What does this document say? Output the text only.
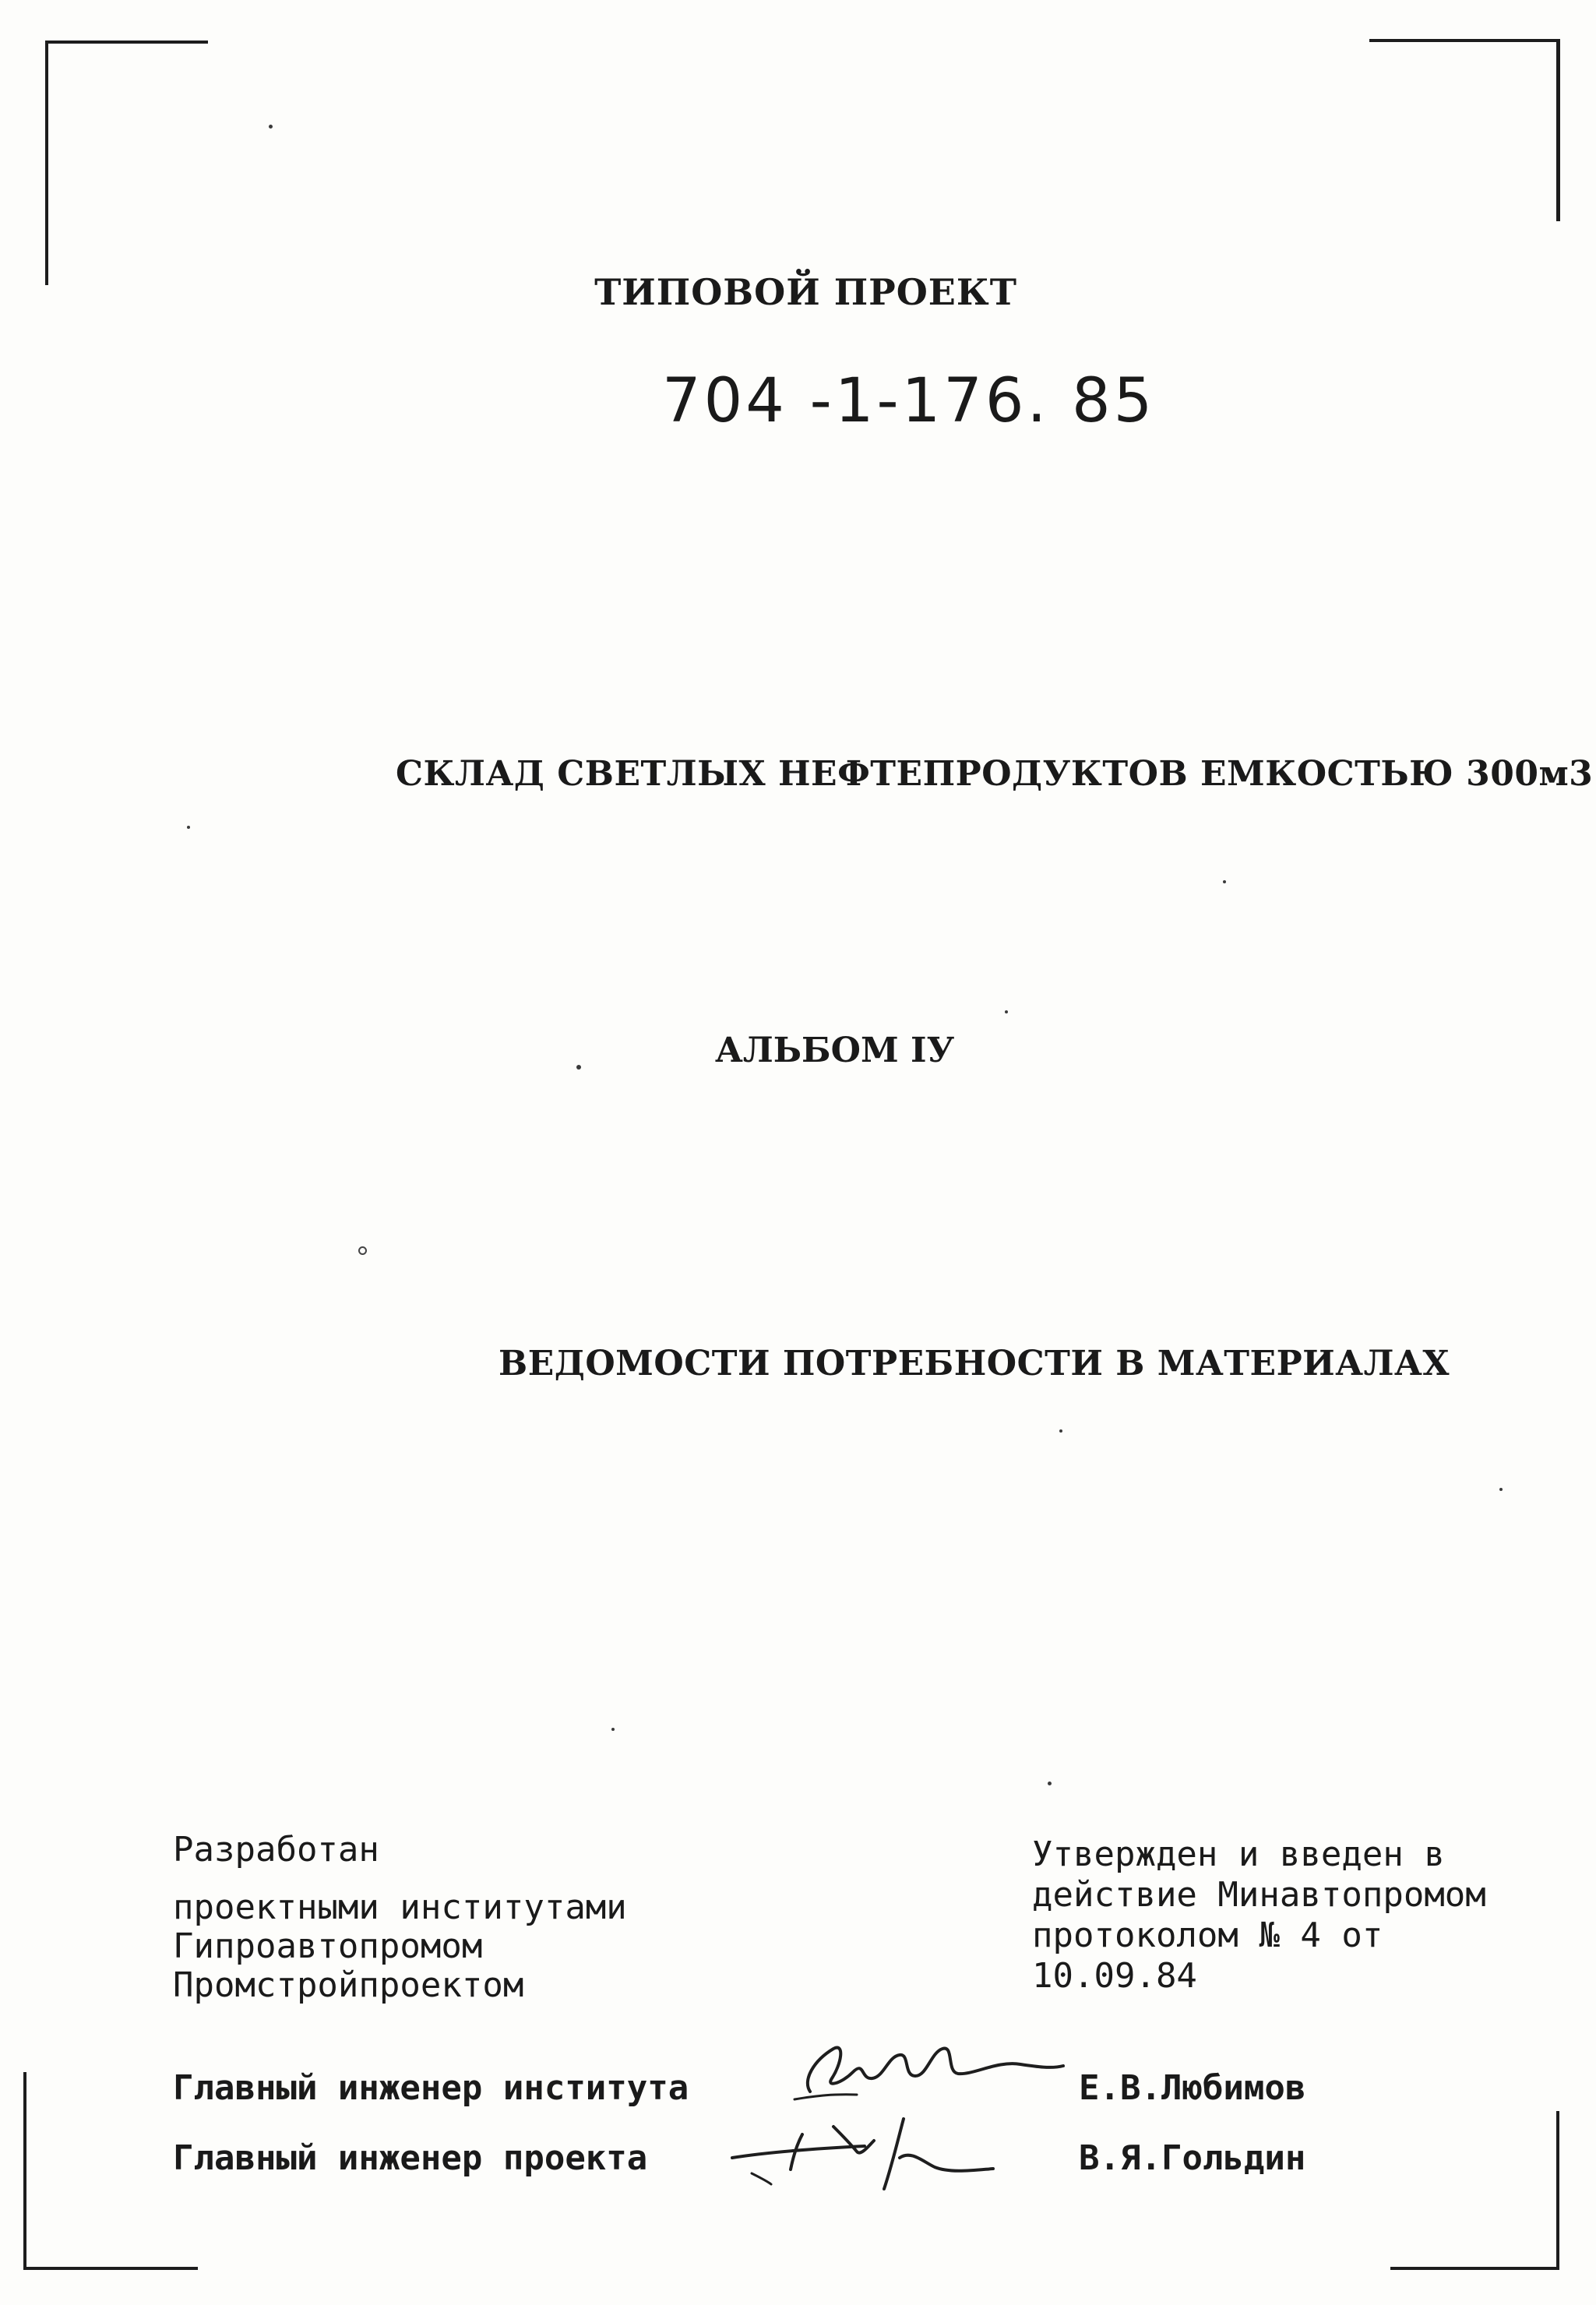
ТИПОВОЙ ПРОЕКТ
704 -1-176. 85
СКЛАД СВЕТЛЫХ НЕФТЕПРОДУКТОВ ЕМКОСТЬЮ 300м3
АЛЬБОМ IУ
ВЕДОМОСТИ ПОТРЕБНОСТИ В МАТЕРИАЛАХ
Разработан
проектными институтами
Гипроавтопромом
Промстройпроектом
Утвержден и введен в
действие Минавтопромом
протоколом № 4 от
10.09.84
Главный инженер института	Е.В.Любимов
Главный инженер проекта	В.Я.Гольдин
